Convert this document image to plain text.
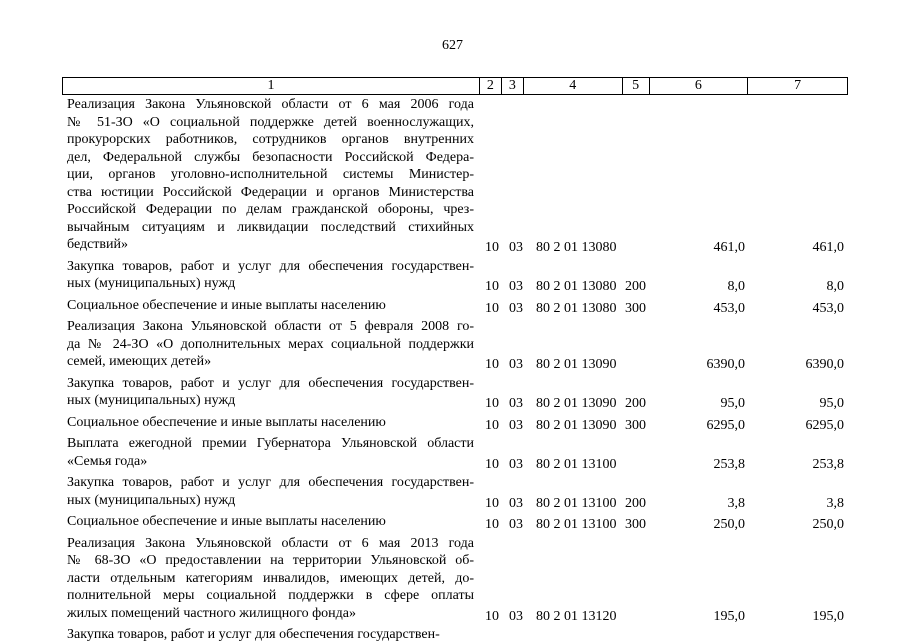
627
1	2	3	4	5	6	7
Реализация Закона Ульяновской области от 6 мая 2006 года
№ 51-ЗО «О социальной поддержке детей военнослужащих,
прокурорских работников, сотрудников органов внутренних
дел, Федеральной службы безопасности Российской Федера-
ции, органов уголовно-исполнительной системы Министер-
ства юстиции Российской Федерации и органов Министерства
Российской Федерации по делам гражданской обороны, чрез-
вычайным ситуациям и ликвидации последствий стихийных
бедствий»	10 03 80 2 01 13080	461,0	461,0
Закупка товаров, работ и услуг для обеспечения государствен-
ных (муниципальных) нужд	10 03 80 2 01 13080 200	8,0	8,0
Социальное обеспечение и иные выплаты населению	10 03 80 2 01 13080 300	453,0	453,0
Реализация Закона Ульяновской области от 5 февраля 2008 го-
да № 24-ЗО «О дополнительных мерах социальной поддержки
семей, имеющих детей»	10 03 80 2 01 13090	6390,0	6390,0
Закупка товаров, работ и услуг для обеспечения государствен-
ных (муниципальных) нужд	10 03 80 2 01 13090 200	95,0	95,0
Социальное обеспечение и иные выплаты населению	10 03 80 2 01 13090 300	6295,0	6295,0
Выплата ежегодной премии Губернатора Ульяновской области
«Семья года»	10 03 80 2 01 13100	253,8	253,8
Закупка товаров, работ и услуг для обеспечения государствен-
ных (муниципальных) нужд	10 03 80 2 01 13100 200	3,8	3,8
Социальное обеспечение и иные выплаты населению	10 03 80 2 01 13100 300	250,0	250,0
Реализация Закона Ульяновской области от 6 мая 2013 года
№ 68-ЗО «О предоставлении на территории Ульяновской об-
ласти отдельным категориям инвалидов, имеющих детей, до-
полнительной меры социальной поддержки в сфере оплаты
жилых помещений частного жилищного фонда»	10 03 80 2 01 13120	195,0	195,0
Закупка товаров, работ и услуг для обеспечения государствен-
